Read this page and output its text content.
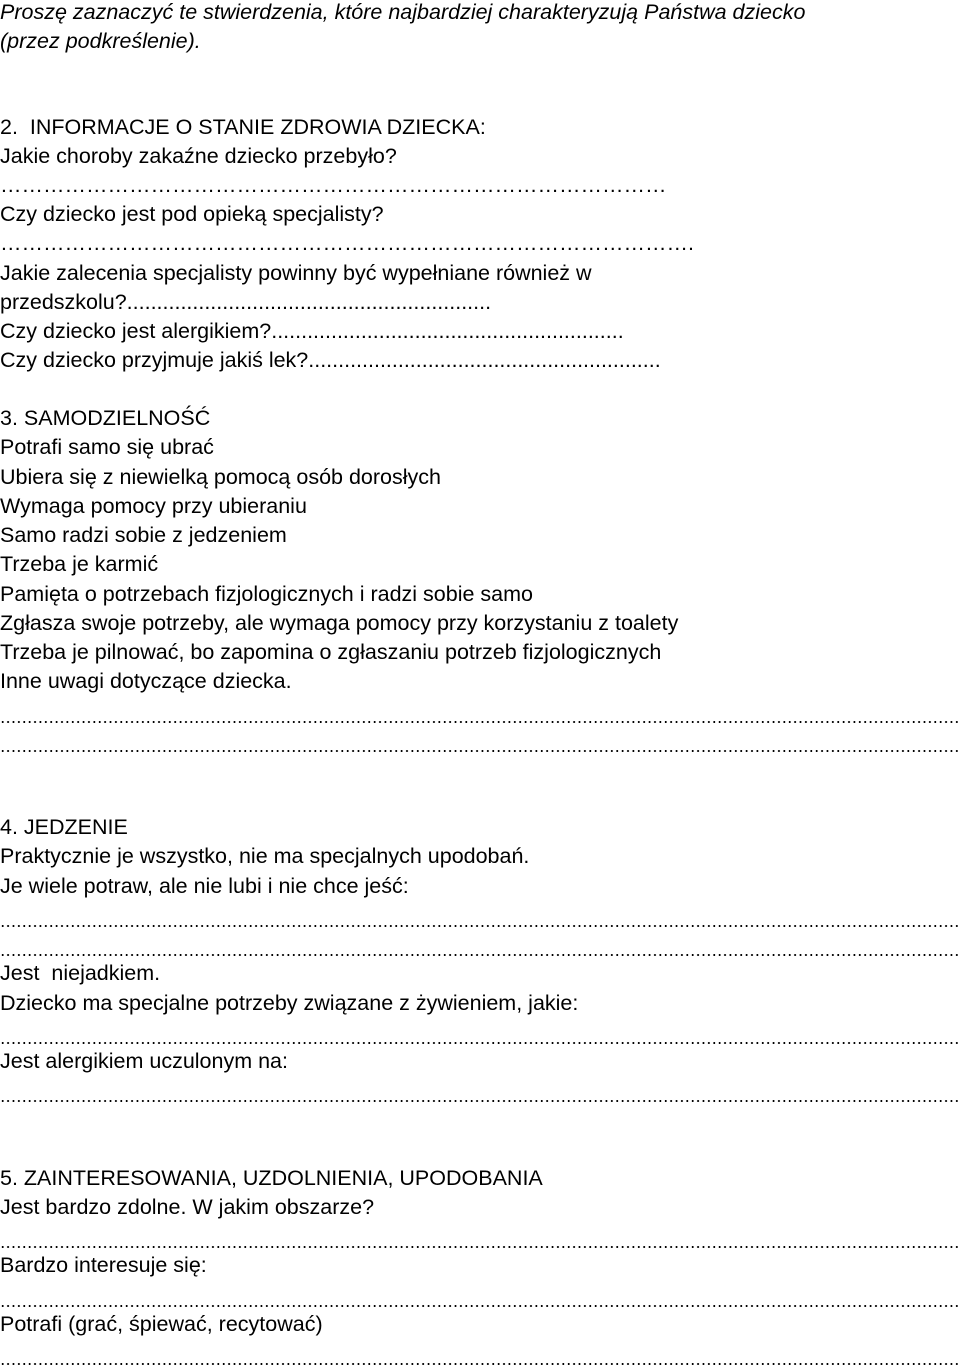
Proszę zaznaczyć te stwierdzenia, które najbardziej charakteryzują Państwa dziecko
(przez podkreślenie).
2.  INFORMACJE O STANIE ZDROWIA DZIECKA:
Jakie choroby zakaźne dziecko przebyło?
…………………………………………………………………………………
Czy dziecko jest pod opieką specjalisty?
…………………………………………………………………………………….
Jakie zalecenia specjalisty powinny być wypełniane również w
przedszkolu?.............................................................
Czy dziecko jest alergikiem?...........................................................
Czy dziecko przyjmuje jakiś lek?...........................................................
3. SAMODZIELNOŚĆ
Potrafi samo się ubrać
Ubiera się z niewielką pomocą osób dorosłych
Wymaga pomocy przy ubieraniu
Samo radzi sobie z jedzeniem
Trzeba je karmić
Pamięta o potrzebach fizjologicznych i radzi sobie samo
Zgłasza swoje potrzeby, ale wymaga pomocy przy korzystaniu z toalety
Trzeba je pilnować, bo zapomina o zgłaszaniu potrzeb fizjologicznych
Inne uwagi dotyczące dziecka.
4. JEDZENIE
Praktycznie je wszystko, nie ma specjalnych upodobań.
Je wiele potraw, ale nie lubi i nie chce jeść:
Jest  niejadkiem.
Dziecko ma specjalne potrzeby związane z żywieniem, jakie:
Jest alergikiem uczulonym na:
5. ZAINTERESOWANIA, UZDOLNIENIA, UPODOBANIA
Jest bardzo zdolne. W jakim obszarze?
Bardzo interesuje się:
Potrafi (grać, śpiewać, recytować)
